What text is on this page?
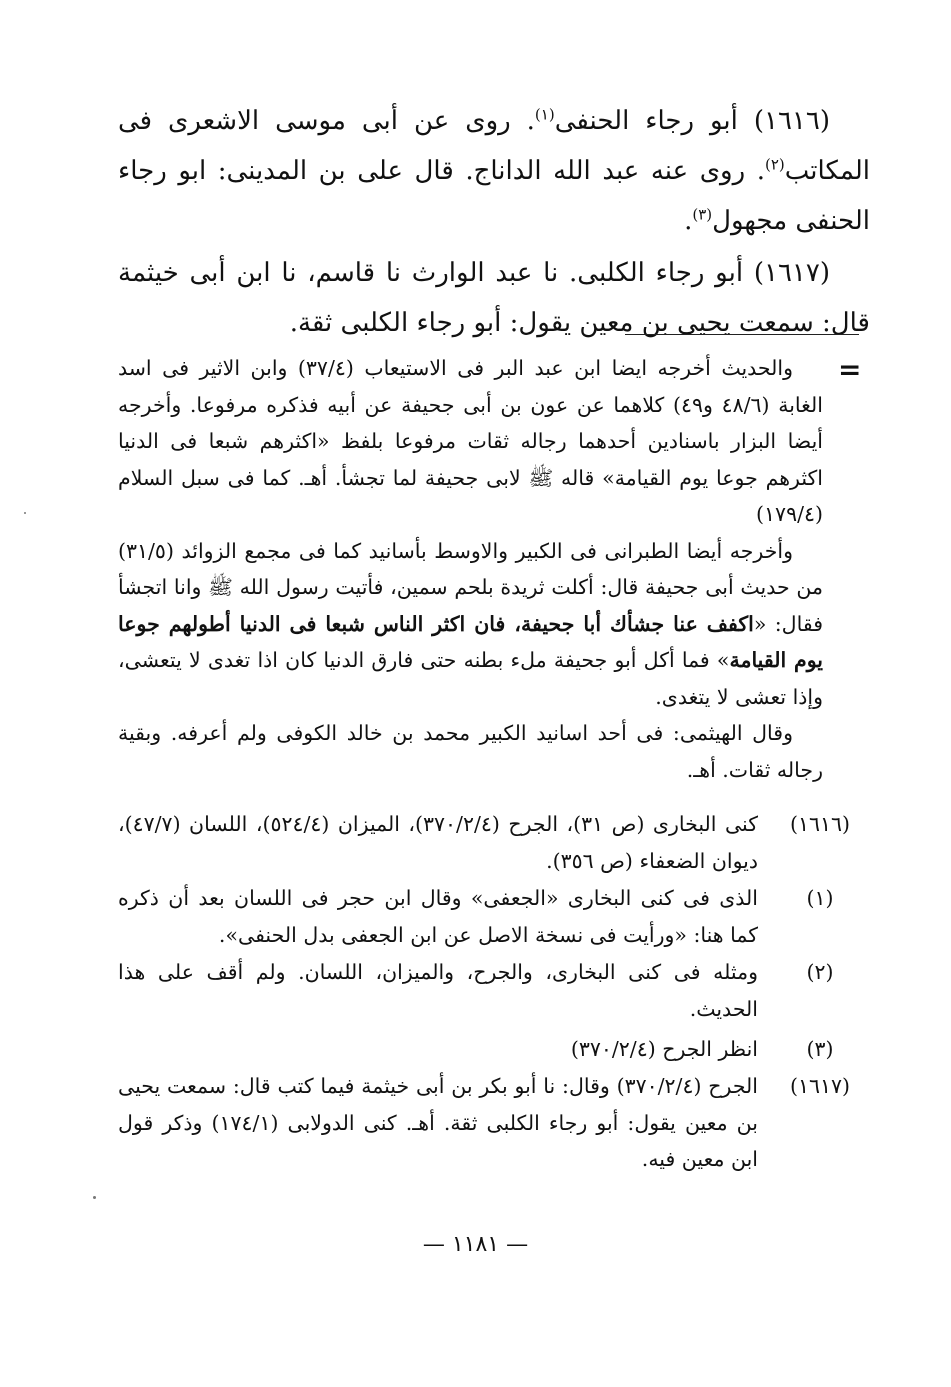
(١٦١٦) أبو رجاء الحنفى$^{(١)}$. روى عن أبى موسى الاشعرى فى المكاتب$^{(٢)}$. روى عنه عبد الله الداناج. قال على بن المدينى: ابو رجاء الحنفى مجهول$^{(٣)}$.

(١٦١٧) أبو رجاء الكلبى. نا عبد الوارث نا قاسم، نا ابن أبى خيثمة قال: سمعت يحيى بن معين يقول: أبو رجاء الكلبى ثقة.

=

والحديث أخرجه ايضا ابن عبد البر فى الاستيعاب (٣٧/٤) وابن الاثير فى اسد الغابة (٤٨/٦ و٤٩) كلاهما عن عون بن أبى جحيفة عن أبيه فذكره مرفوعا. وأخرجه أيضا البزار باسنادين أحدهما رجاله ثقات مرفوعا بلفظ «اكثرهم شبعا فى الدنيا اكثرهم جوعا يوم القيامة» قاله ﷺ لابى جحيفة لما تجشأ. أهـ. كما فى سبل السلام (١٧٩/٤)

وأخرجه أيضا الطبرانى فى الكبير والاوسط بأسانيد كما فى مجمع الزوائد (٣١/٥) من حديث أبى جحيفة قال: أكلت ثريدة بلحم سمين، فأتيت رسول الله ﷺ وانا اتجشأ فقال: «اكفف عنا جشأك أبا جحيفة، فان اكثر الناس شبعا فى الدنيا أطولهم جوعا يوم القيامة» فما أكل أبو جحيفة ملء بطنه حتى فارق الدنيا كان اذا تغدى لا يتعشى، وإذا تعشى لا يتغدى.

وقال الهيثمى: فى أحد اسانيد الكبير محمد بن خالد الكوفى ولم أعرفه. وبقية رجاله ثقات. أهـ.

(١٦١٦)
كنى البخارى (ص ٣١)، الجرح (٣٧٠/٢/٤)، الميزان (٥٢٤/٤)، اللسان (٤٧/٧)، ديوان الضعفاء (ص ٣٥٦).
(١)
الذى فى كنى البخارى «الجعفى» وقال ابن حجر فى اللسان بعد أن ذكره كما هنا: «ورأيت فى نسخة الاصل عن ابن الجعفى بدل الحنفى».
(٢)
ومثله فى كنى البخارى، والجرح، والميزان، اللسان. ولم أقف على هذا الحديث.
(٣)
انظر الجرح (٣٧٠/٢/٤)
(١٦١٧)
الجرح (٣٧٠/٢/٤) وقال: نا أبو بكر بن أبى خيثمة فيما كتب قال: سمعت يحيى بن معين يقول: أبو رجاء الكلبى ثقة. أهـ. كنى الدولابى (١٧٤/١) وذكر قول ابن معين فيه.
— ١١٨١ —
